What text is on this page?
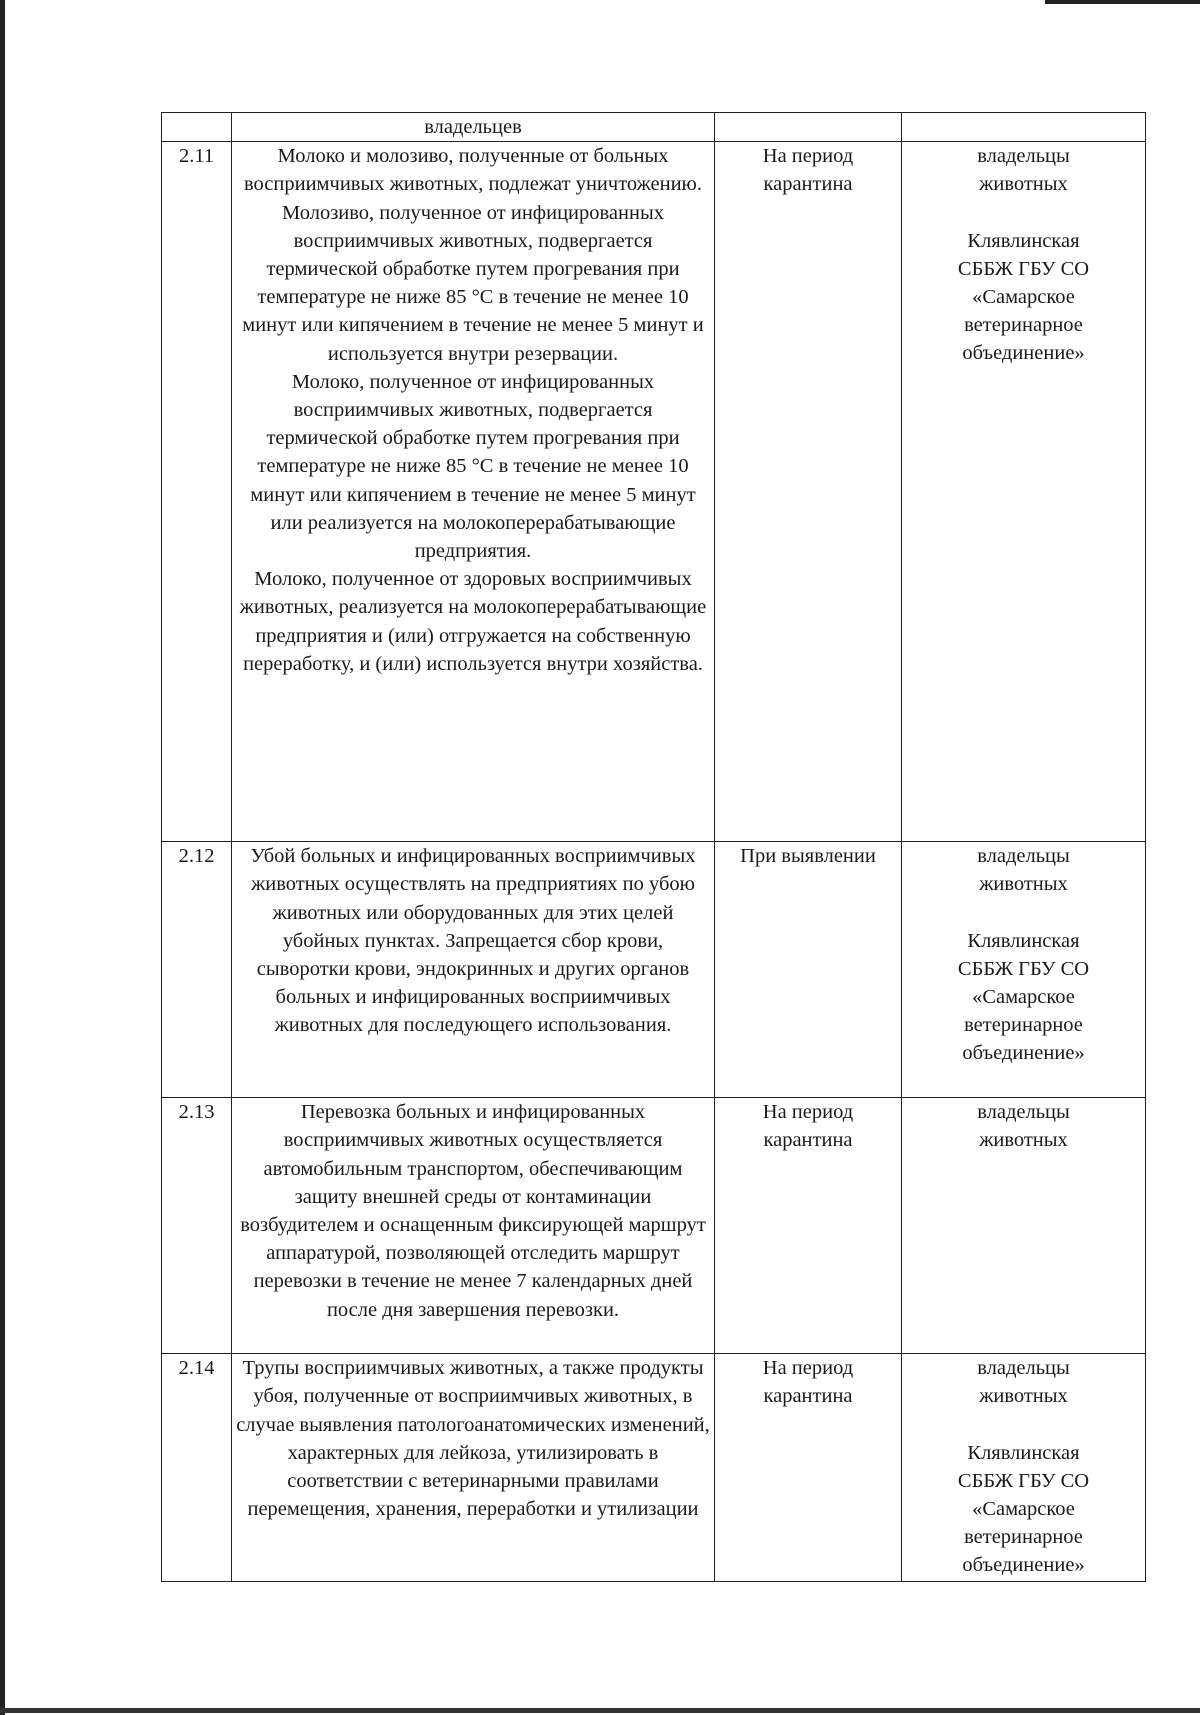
	владельцев		

2.11	Молоко и молозиво, полученные от больных восприимчивых животных, подлежат уничтожению. Молозиво, полученное от инфицированных восприимчивых животных, подвергается термической обработке путем прогревания при температуре не ниже 85 °С в течение не менее 10 минут или кипячением в течение не менее 5 минут и используется внутри резервации.
Молоко, полученное от инфицированных восприимчивых животных, подвергается термической обработке путем прогревания при температуре не ниже 85 °С в течение не менее 10 минут или кипячением в течение не менее 5 минут или реализуется на молокоперерабатывающие предприятия.
Молоко, полученное от здоровых восприимчивых животных, реализуется на молокоперерабатывающие предприятия и (или) отгружается на собственную переработку, и (или) используется внутри хозяйства.	На период карантина	владельцы животных
Клявлинская СББЖ ГБУ СО «Самарское ветеринарное объединение»

2.12	Убой больных и инфицированных восприимчивых животных осуществлять на предприятиях по убою животных или оборудованных для этих целей убойных пунктах. Запрещается сбор крови, сыворотки крови, эндокринных и других органов больных и инфицированных восприимчивых животных для последующего использования.	При выявлении	владельцы животных
Клявлинская СББЖ ГБУ СО «Самарское ветеринарное объединение»

2.13	Перевозка больных и инфицированных восприимчивых животных осуществляется автомобильным транспортом, обеспечивающим защиту внешней среды от контаминации возбудителем и оснащенным фиксирующей маршрут аппаратурой, позволяющей отследить маршрут перевозки в течение не менее 7 календарных дней после дня завершения перевозки.	На период карантина	владельцы животных

2.14	Трупы восприимчивых животных, а также продукты убоя, полученные от восприимчивых животных, в случае выявления патологоанатомических изменений, характерных для лейкоза, утилизировать в соответствии с ветеринарными правилами перемещения, хранения, переработки и утилизации	На период карантина	владельцы животных
Клявлинская СББЖ ГБУ СО «Самарское ветеринарное объединение»
